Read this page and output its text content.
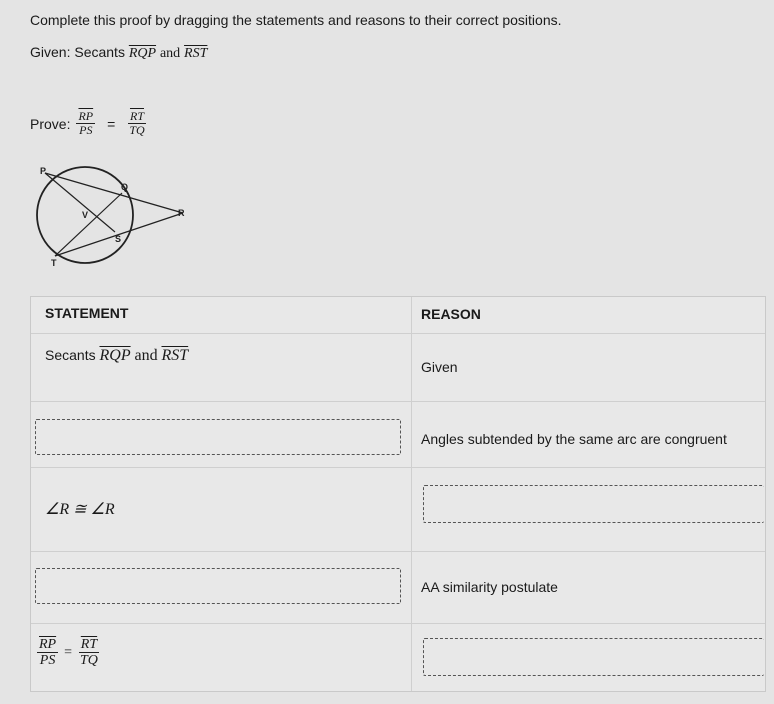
Complete this proof by dragging the statements and reasons to their correct positions.
Given: Secants $\overline{RQP}$ and $\overline{RST}$
Prove: $\frac{\overline{RP}}{PS}$ =	$\frac{\overline{RT}}{TQ}$
P
Q
R
V
S
T
STATEMENT	REASON
Secants $\overline{RQP}$ and $\overline{RST}$
Given
Angles subtended by the same arc are congruent
∠R ≅ ∠R
AA similarity postulate
$\frac{\overline{RP}}{PS} = \frac{\overline{RT}}{TQ}$
